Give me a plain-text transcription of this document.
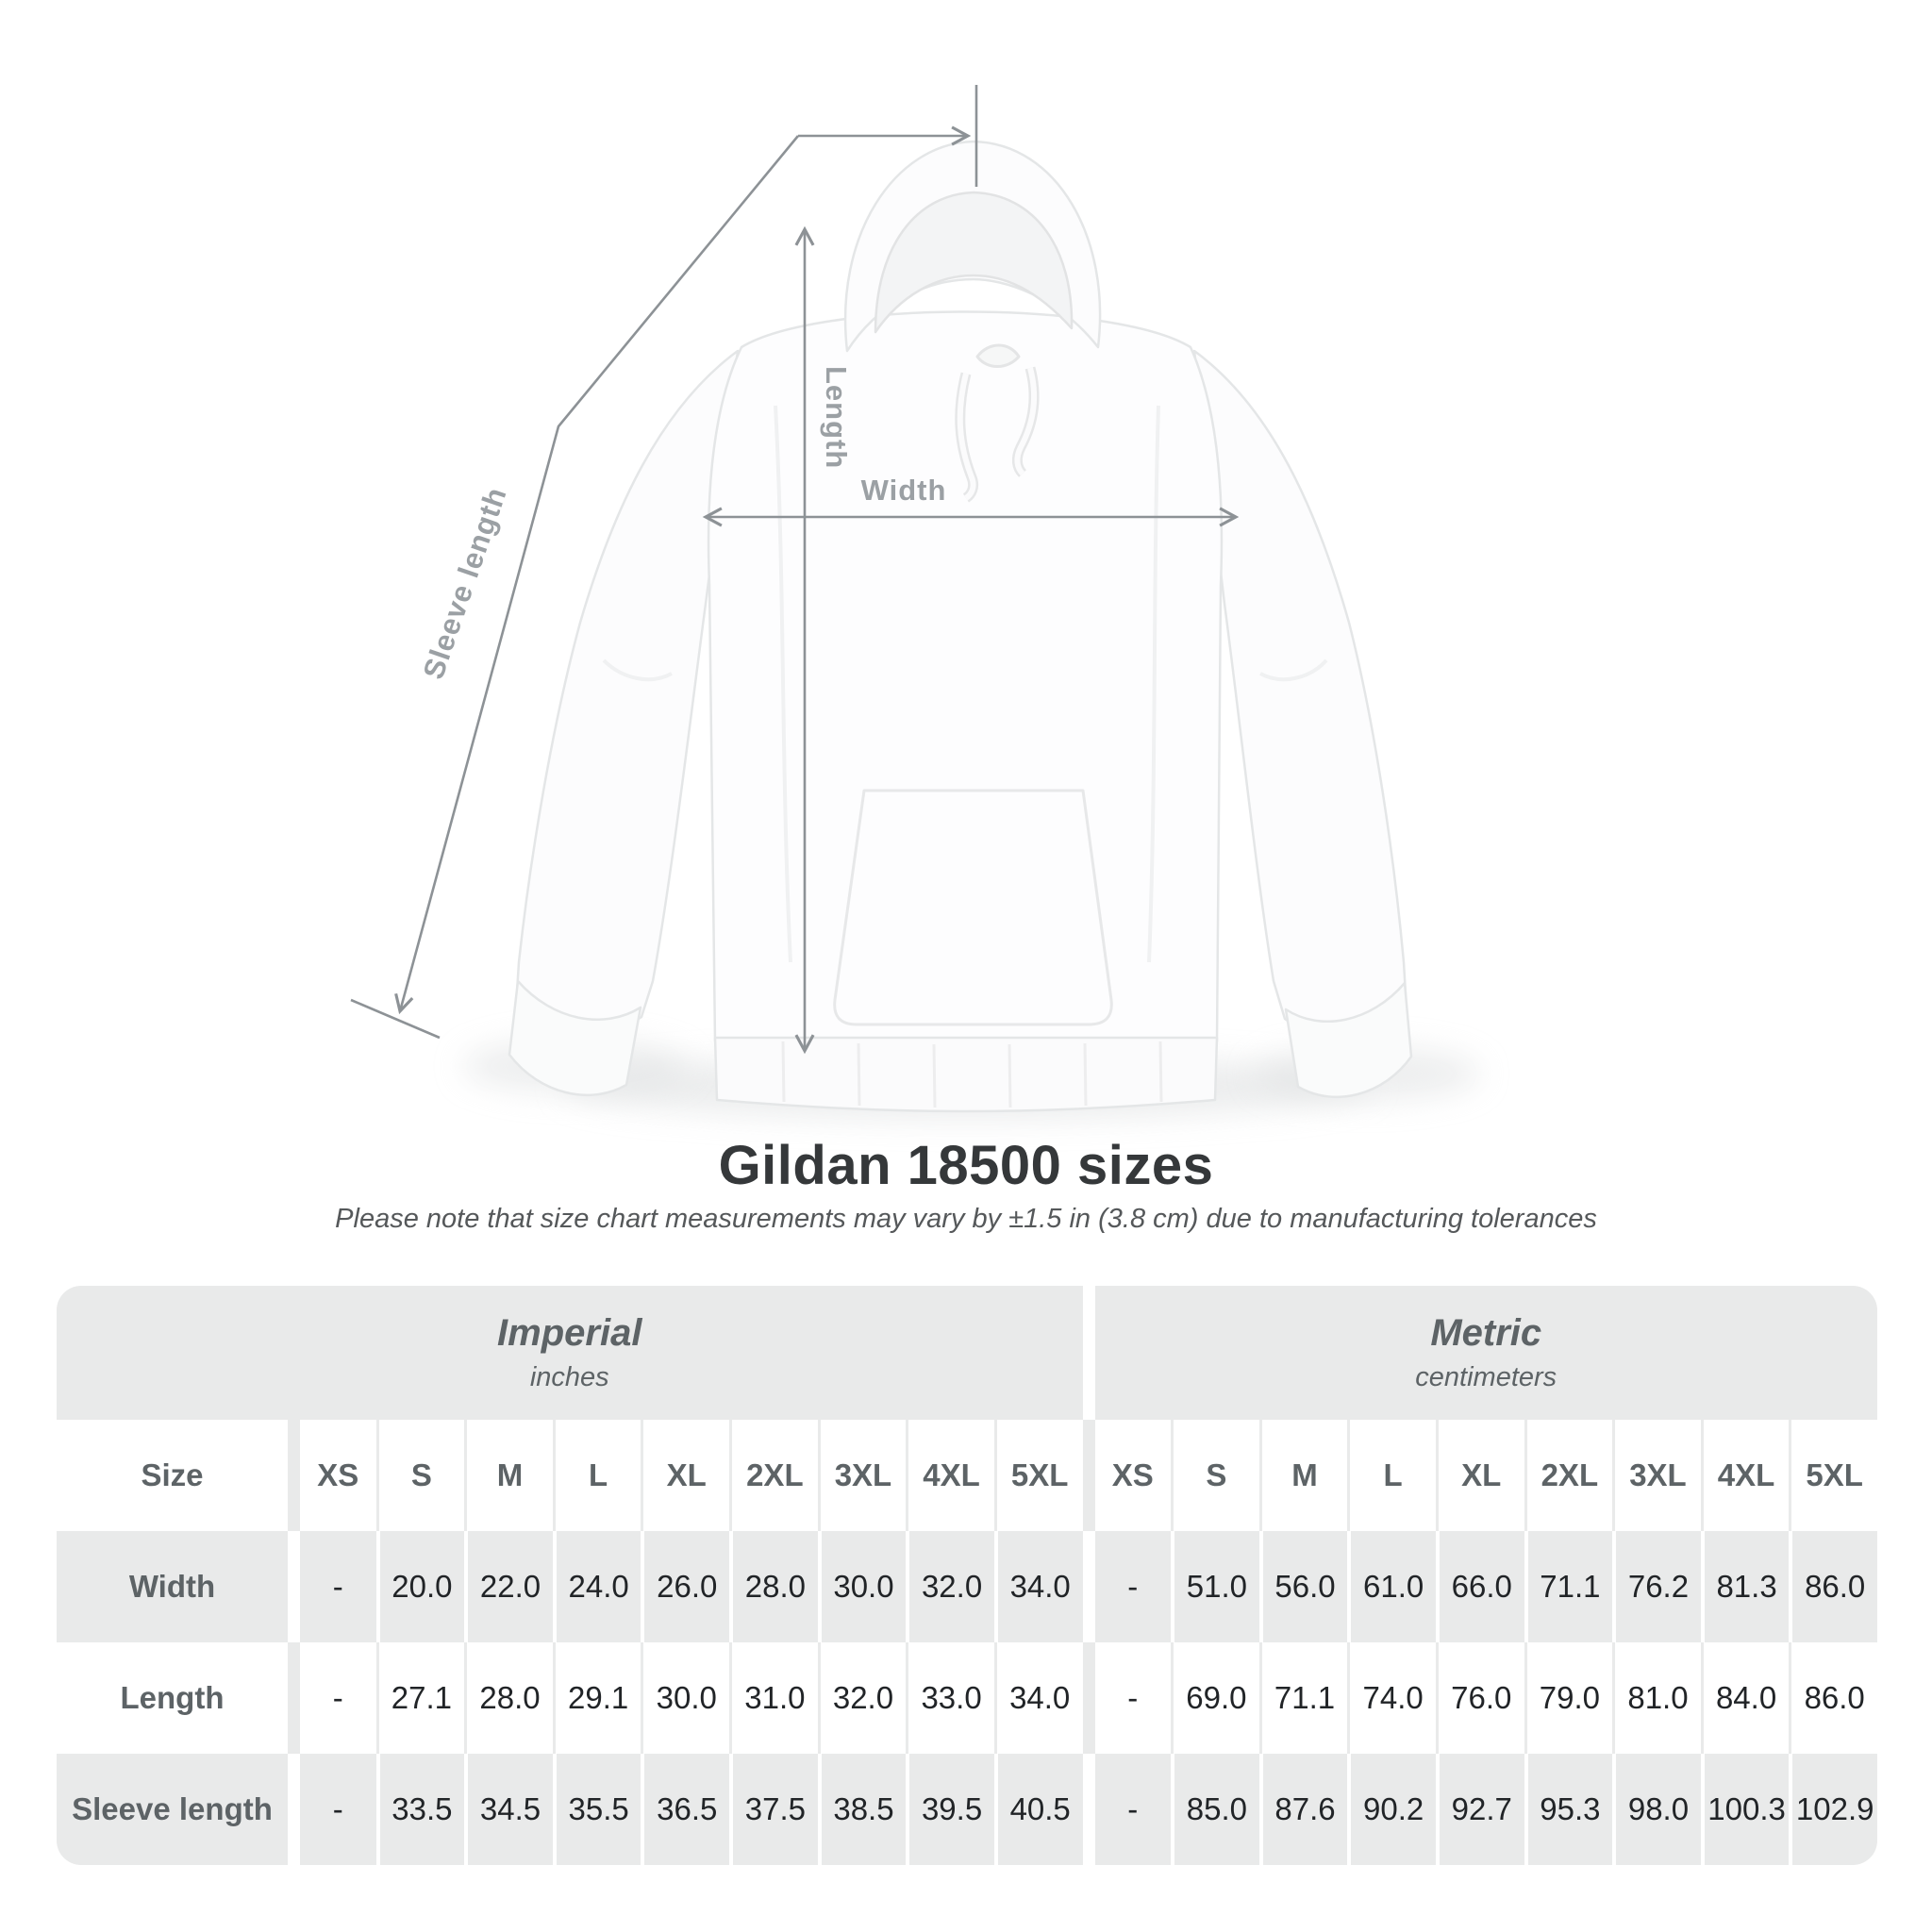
Width
Length
Sleeve length
Gildan 18500 sizes
Please note that size chart measurements may vary by ±1.5 in (3.8 cm) due to manufacturing tolerances
Imperial
inches
Metric
centimeters
Size	XS	S	M	L	XL	2XL	3XL	4XL	5XL	XS	S	M	L	XL	2XL	3XL	4XL	5XL
Width	-	20.0 22.0 24.0 26.0 28.0 30.0 32.0 34.0	-	51.0 56.0 61.0 66.0 71.1 76.2 81.3 86.0
Length	-	27.1 28.0 29.1 30.0 31.0 32.0 33.0 34.0	-	69.0 71.1 74.0 76.0 79.0 81.0 84.0 86.0
Sleeve length	-	33.5 34.5 35.5 36.5 37.5 38.5 39.5 40.5	-	85.0 87.6 90.2 92.7 95.3 98.0 100.3 102.9
